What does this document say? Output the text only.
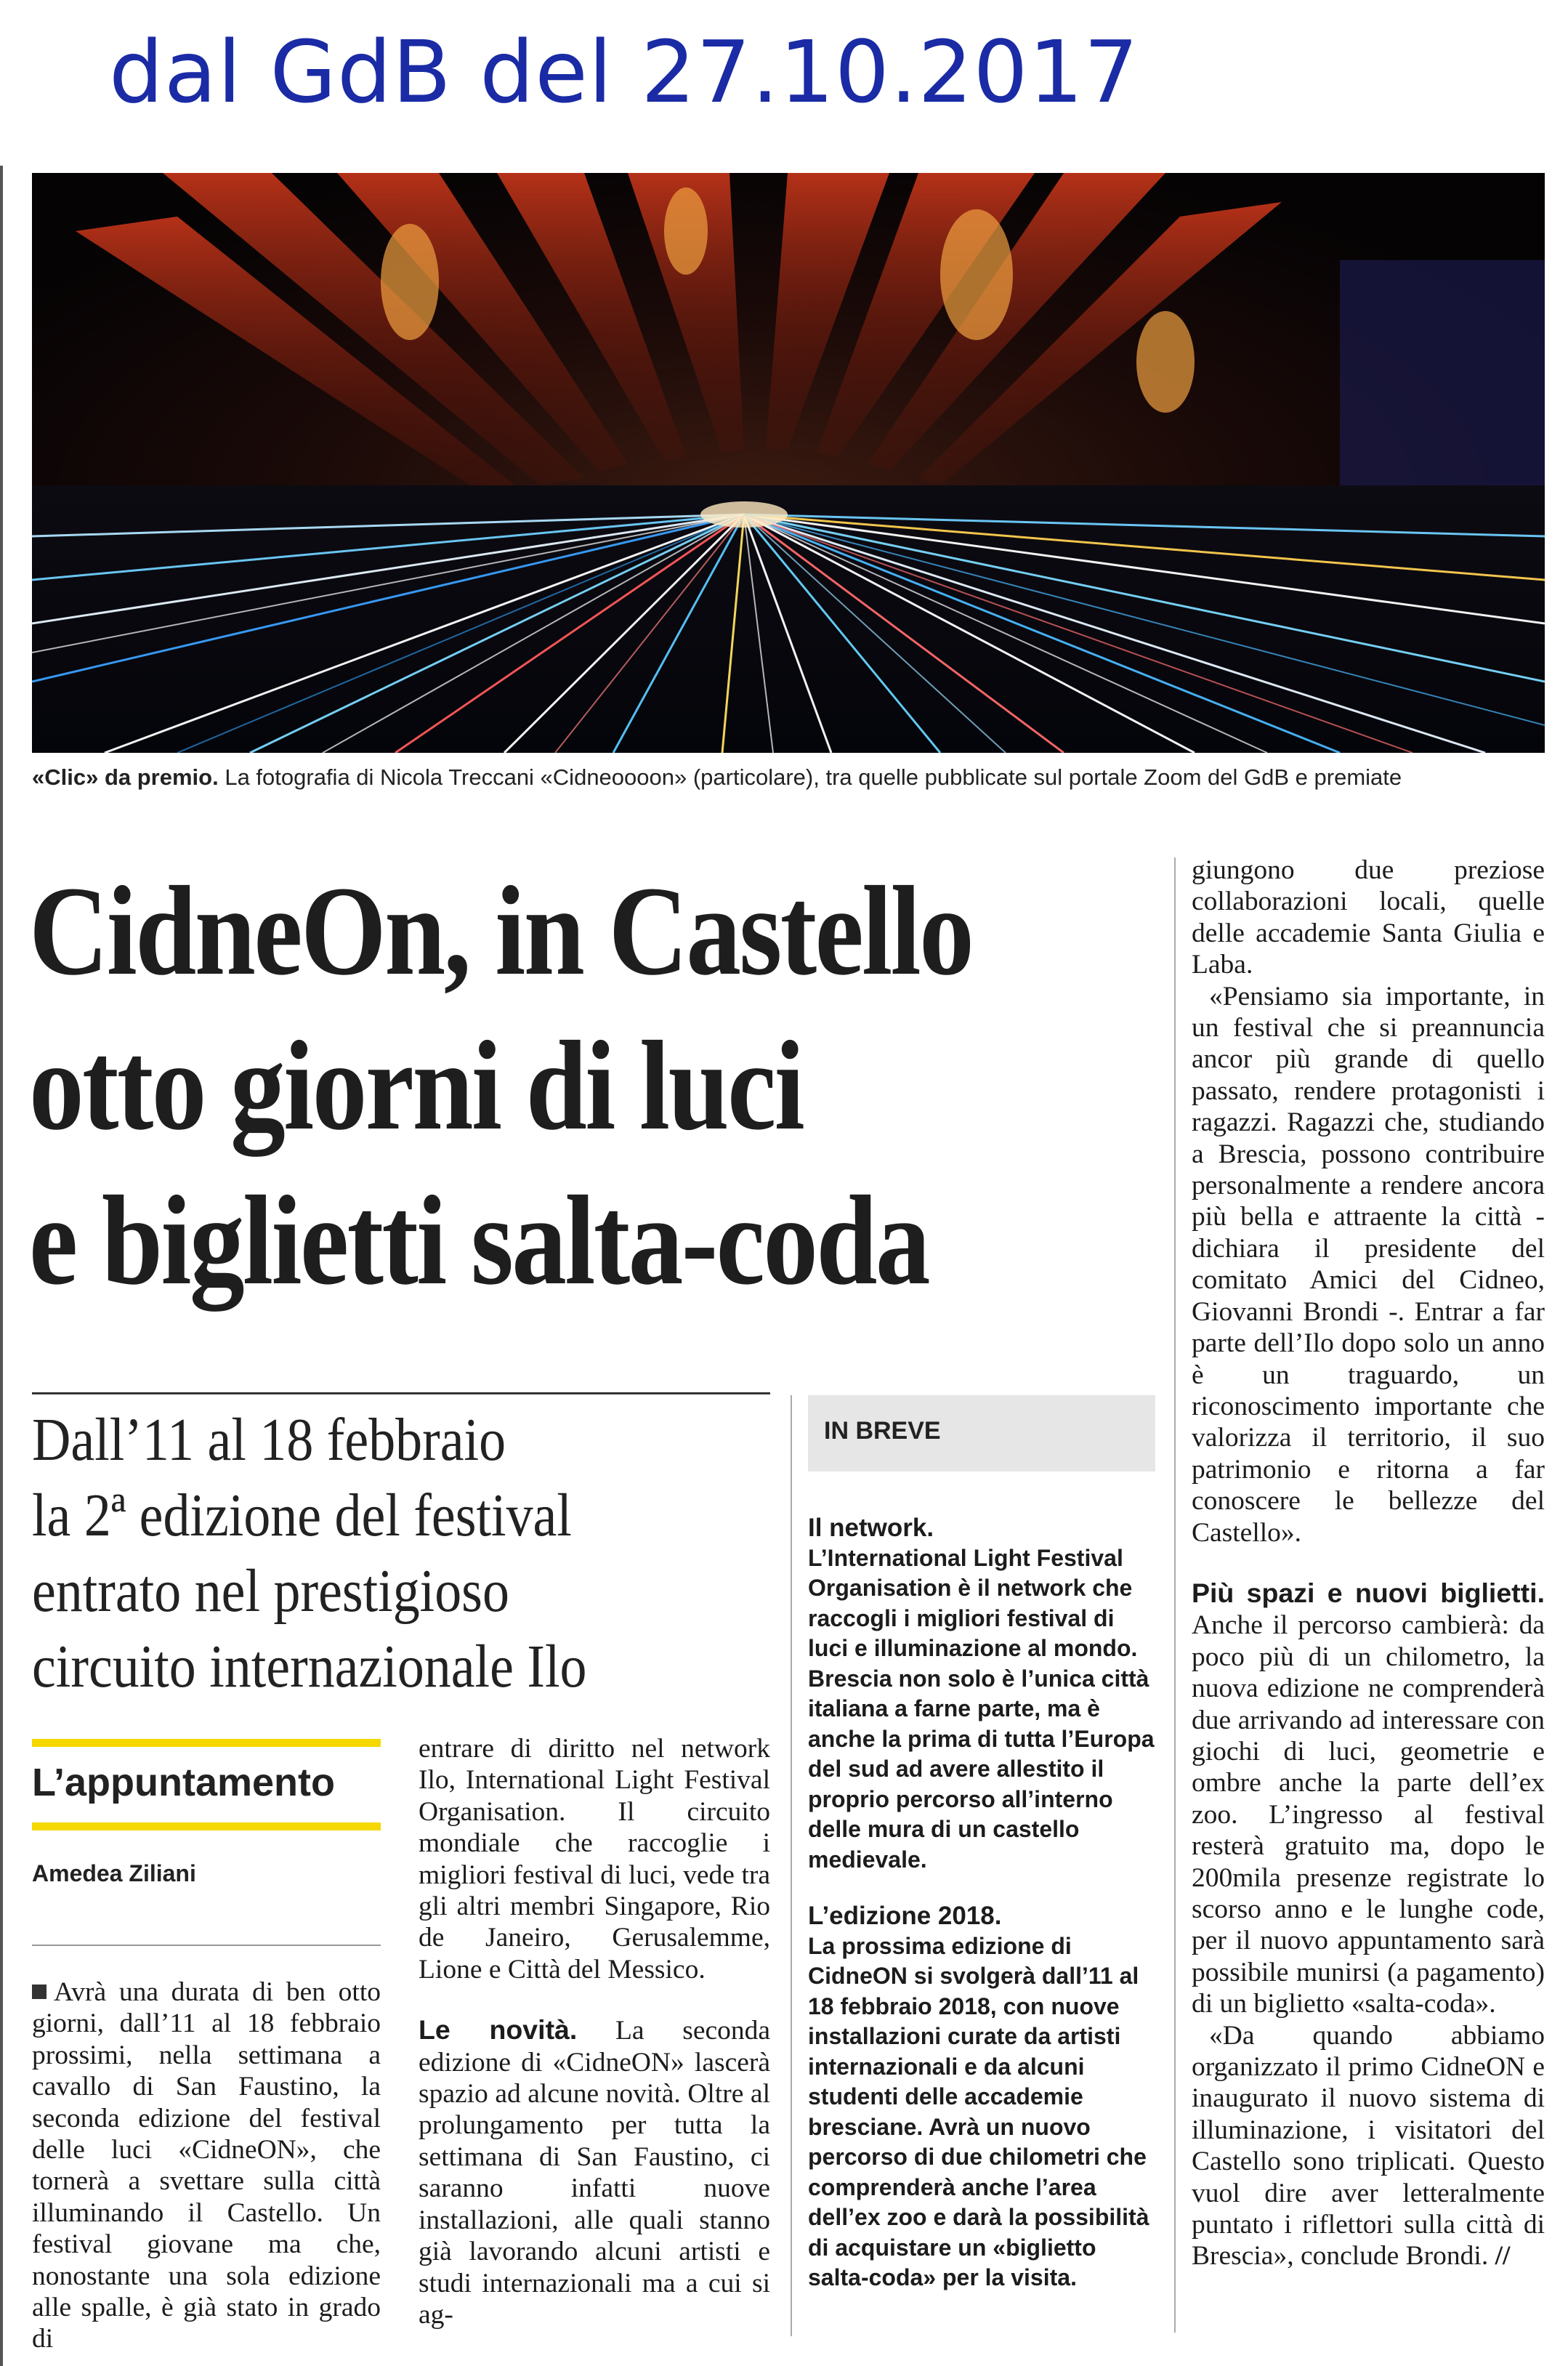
dal GdB del 27.10.2017
«Clic» da premio. La fotografia di Nicola Treccani «Cidneoooon» (particolare), tra quelle pubblicate sul portale Zoom del GdB e premiate
CidneOn, in Castello
otto giorni di luci
e biglietti salta-coda
Dall’11 al 18 febbraio
la 2ª edizione del festival
entrato nel prestigioso
circuito internazionale Ilo
L’appuntamento
Amedea Ziliani

Avrà una durata di ben otto giorni, dall’11 al 18 febbraio prossimi, nella settimana a cavallo di San Faustino, la seconda edizione del festival delle luci «CidneON», che tornerà a svettare sulla città illuminando il Castello. Un festival giovane ma che, nonostante una sola edizione alle spalle, è già stato in grado di

entrare di diritto nel network Ilo, International Light Festival Organisation. Il circuito mondiale che raccoglie i migliori festival di luci, vede tra gli altri membri Singapore, Rio de Janeiro, Gerusalemme, Lione e Città del Messico.

Le novità. La seconda edizione di «CidneON» lascerà spazio ad alcune novità. Oltre al prolungamento per tutta la settimana di San Faustino, ci saranno infatti nuove installazioni, alle quali stanno già lavorando alcuni artisti e studi internazionali ma a cui si ag-

IN BREVE

Il network.

L’International Light Festival Organisation è il network che raccogli i migliori festival di luci e illuminazione al mondo. Brescia non solo è l’unica città italiana a farne parte, ma è anche la prima di tutta l’Europa del sud ad avere allestito il proprio percorso all’interno delle mura di un castello medievale.

L’edizione 2018.

La prossima edizione di CidneON si svolgerà dall’11 al 18 febbraio 2018, con nuove installazioni curate da artisti internazionali e da alcuni studenti delle accademie bresciane. Avrà un nuovo percorso di due chilometri che comprenderà anche l’area dell’ex zoo e darà la possibilità di acquistare un «biglietto salta-coda» per la visita.

giungono due preziose collaborazioni locali, quelle delle accademie Santa Giulia e Laba.

«Pensiamo sia importante, in un festival che si preannuncia ancor più grande di quello passato, rendere protagonisti i ragazzi. Ragazzi che, studiando a Brescia, possono contribuire personalmente a rendere ancora più bella e attraente la città - dichiara il presidente del comitato Amici del Cidneo, Giovanni Brondi -. Entrar a far parte dell’Ilo dopo solo un anno è un traguardo, un riconoscimento importante che valorizza il territorio, il suo patrimonio e ritorna a far conoscere le bellezze del Castello».

Più spazi e nuovi biglietti. Anche il percorso cambierà: da poco più di un chilometro, la nuova edizione ne comprenderà due arrivando ad interessare con giochi di luci, geometrie e ombre anche la parte dell’ex zoo. L’ingresso al festival resterà gratuito ma, dopo le 200mila presenze registrate lo scorso anno e le lunghe code, per il nuovo appuntamento sarà possibile munirsi (a pagamento) di un biglietto «salta-coda».

«Da quando abbiamo organizzato il primo CidneON e inaugurato il nuovo sistema di illuminazione, i visitatori del Castello sono triplicati. Questo vuol dire aver letteralmente puntato i riflettori sulla città di Brescia», conclude Brondi. //
